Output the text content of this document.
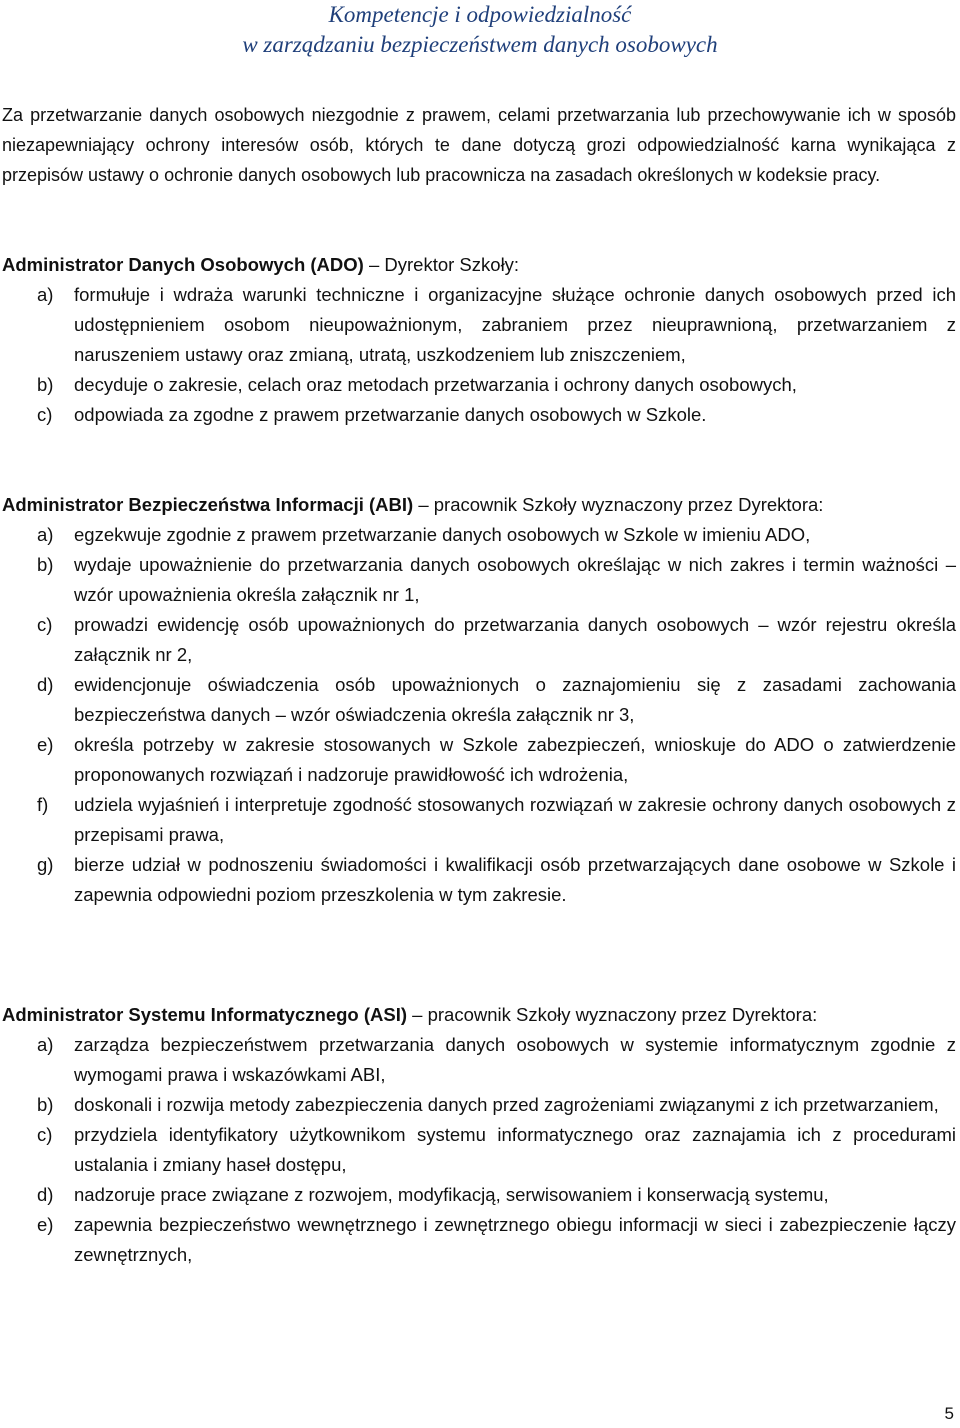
Kompetencje i odpowiedzialność
w zarządzaniu bezpieczeństwem danych osobowych
Za przetwarzanie danych osobowych niezgodnie z prawem, celami przetwarzania lub przechowywanie ich w sposób niezapewniający ochrony interesów osób, których te dane dotyczą grozi odpowiedzialność karna wynikająca z przepisów ustawy o ochronie danych osobowych lub pracownicza na zasadach określonych w kodeksie pracy.
Administrator Danych Osobowych (ADO) – Dyrektor Szkoły:
a) formułuje i wdraża warunki techniczne i organizacyjne służące ochronie danych osobowych przed ich udostępnieniem osobom nieupoważnionym, zabraniem przez nieuprawnioną, przetwarzaniem z naruszeniem ustawy oraz zmianą, utratą, uszkodzeniem lub zniszczeniem,
b) decyduje o zakresie, celach oraz metodach przetwarzania i ochrony danych osobowych,
c) odpowiada za zgodne z prawem przetwarzanie danych osobowych w Szkole.
Administrator Bezpieczeństwa Informacji (ABI) – pracownik Szkoły wyznaczony przez Dyrektora:
a) egzekwuje zgodnie z prawem przetwarzanie danych osobowych w Szkole w imieniu ADO,
b) wydaje upoważnienie do przetwarzania danych osobowych określając w nich zakres i termin ważności – wzór upoważnienia określa załącznik nr 1,
c) prowadzi ewidencję osób upoważnionych do przetwarzania danych osobowych – wzór rejestru określa załącznik nr 2,
d) ewidencjonuje oświadczenia osób upoważnionych o zaznajomieniu się z zasadami zachowania bezpieczeństwa danych – wzór oświadczenia określa załącznik nr 3,
e) określa potrzeby w zakresie stosowanych w Szkole zabezpieczeń, wnioskuje do ADO o zatwierdzenie proponowanych rozwiązań i nadzoruje prawidłowość ich wdrożenia,
f) udziela wyjaśnień i interpretuje zgodność stosowanych rozwiązań w zakresie ochrony danych osobowych z przepisami prawa,
g) bierze udział w podnoszeniu świadomości i kwalifikacji osób przetwarzających dane osobowe w Szkole i zapewnia odpowiedni poziom przeszkolenia w tym zakresie.
Administrator Systemu Informatycznego (ASI) – pracownik Szkoły wyznaczony przez Dyrektora:
a) zarządza bezpieczeństwem przetwarzania danych osobowych w systemie informatycznym zgodnie z wymogami prawa i wskazówkami ABI,
b) doskonali i rozwija metody zabezpieczenia danych przed zagrożeniami związanymi z ich przetwarzaniem,
c) przydziela identyfikatory użytkownikom systemu informatycznego oraz zaznajamia ich z procedurami ustalania i zmiany haseł dostępu,
d) nadzoruje prace związane z rozwojem, modyfikacją, serwisowaniem i konserwacją systemu,
e) zapewnia bezpieczeństwo wewnętrznego i zewnętrznego obiegu informacji w sieci i zabezpieczenie łączy zewnętrznych,
5
